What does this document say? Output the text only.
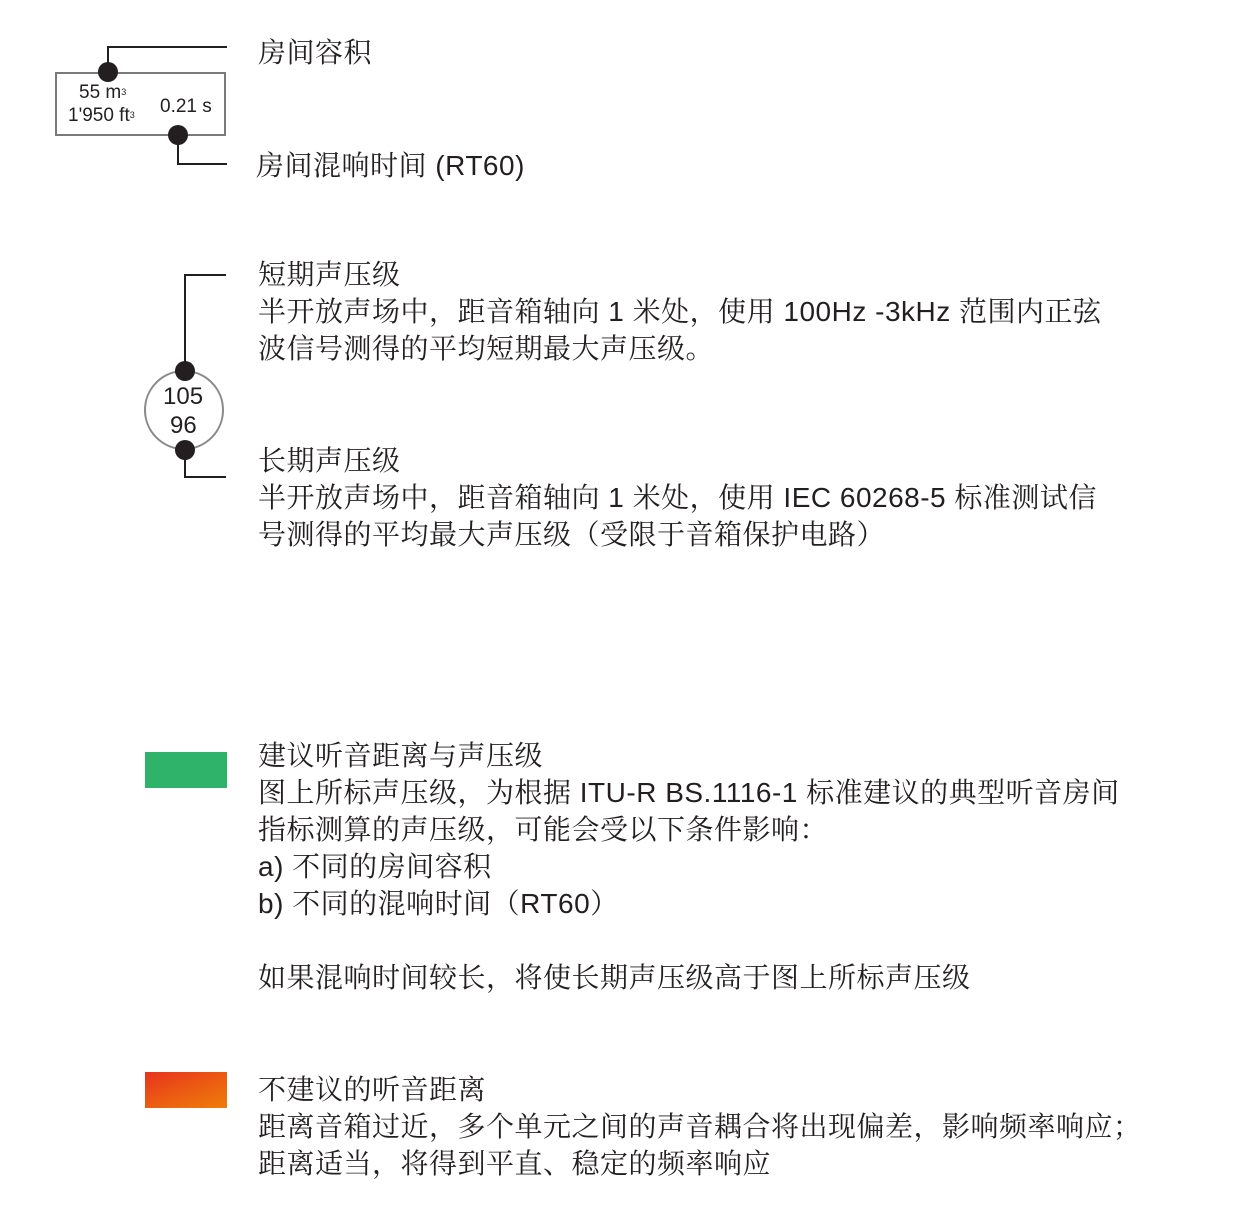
55 $m^3$
1'950 $ft^3$ 0.21 s
房间容积
房间混响时间 (RT60)
105
96
短期声压级
半开放声场中，距音箱轴向 1 米处，使用 100Hz -3kHz 范围内正弦
波信号测得的平均短期最大声压级。
长期声压级
半开放声场中，距音箱轴向 1 米处，使用 IEC 60268-5 标准测试信
号测得的平均最大声压级（受限于音箱保护电路）
建议听音距离与声压级
图上所标声压级，为根据 ITU-R BS.1116-1 标准建议的典型听音房间
指标测算的声压级，可能会受以下条件影响：
a) 不同的房间容积
b) 不同的混响时间（RT60）
如果混响时间较长，将使长期声压级高于图上所标声压级
不建议的听音距离
距离音箱过近，多个单元之间的声音耦合将出现偏差，影响频率响应；
距离适当，将得到平直、稳定的频率响应
